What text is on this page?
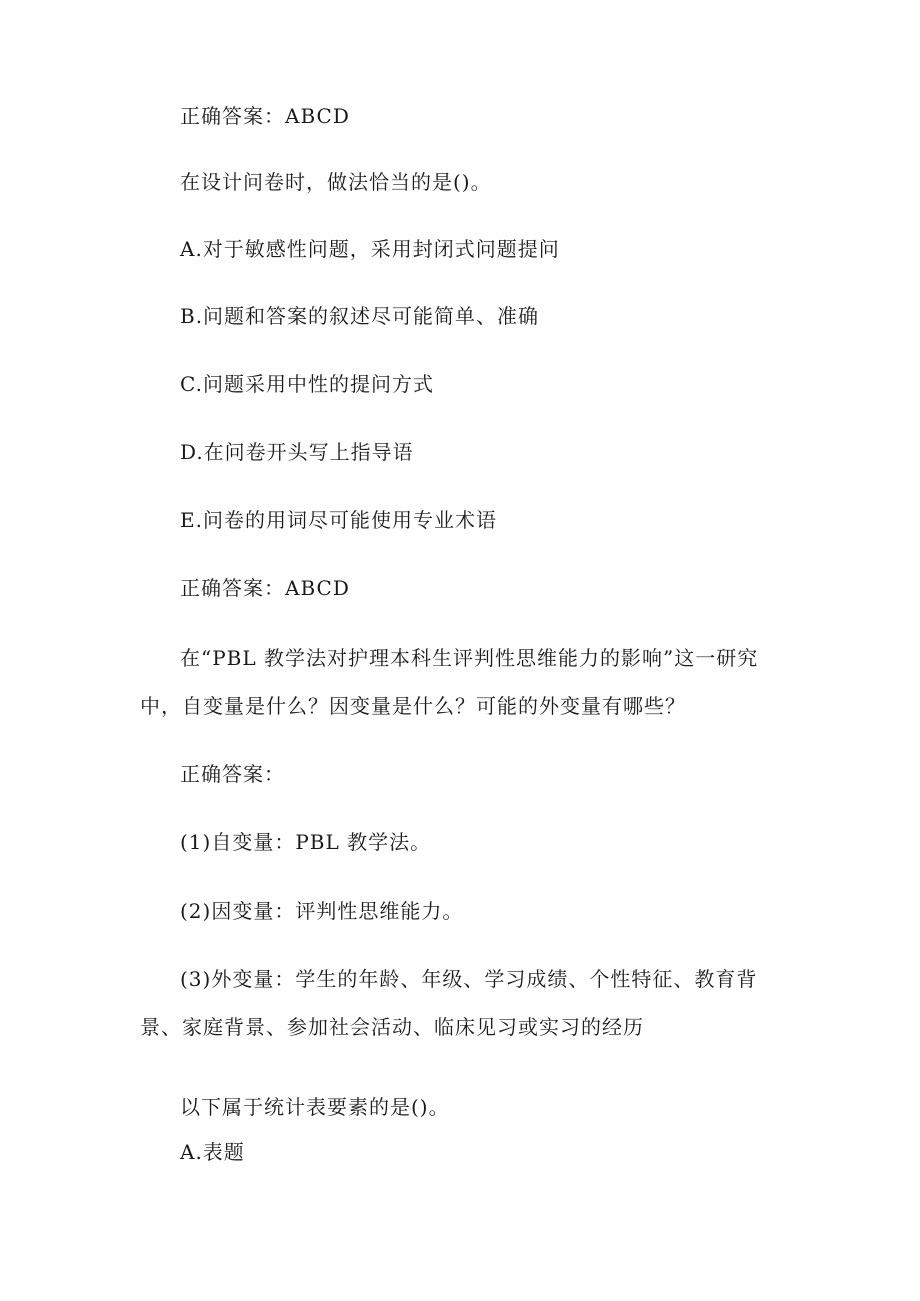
正确答案：ABCD
在设计问卷时，做法恰当的是()。
A.对于敏感性问题，采用封闭式问题提问
B.问题和答案的叙述尽可能简单、准确
C.问题采用中性的提问方式
D.在问卷开头写上指导语
E.问卷的用词尽可能使用专业术语
正确答案：ABCD
在“PBL 教学法对护理本科生评判性思维能力的影响”这一研究
中，自变量是什么？因变量是什么？可能的外变量有哪些？
正确答案：
(1)自变量：PBL 教学法。
(2)因变量：评判性思维能力。
(3)外变量：学生的年龄、年级、学习成绩、个性特征、教育背
景、家庭背景、参加社会活动、临床见习或实习的经历
以下属于统计表要素的是()。
A.表题
